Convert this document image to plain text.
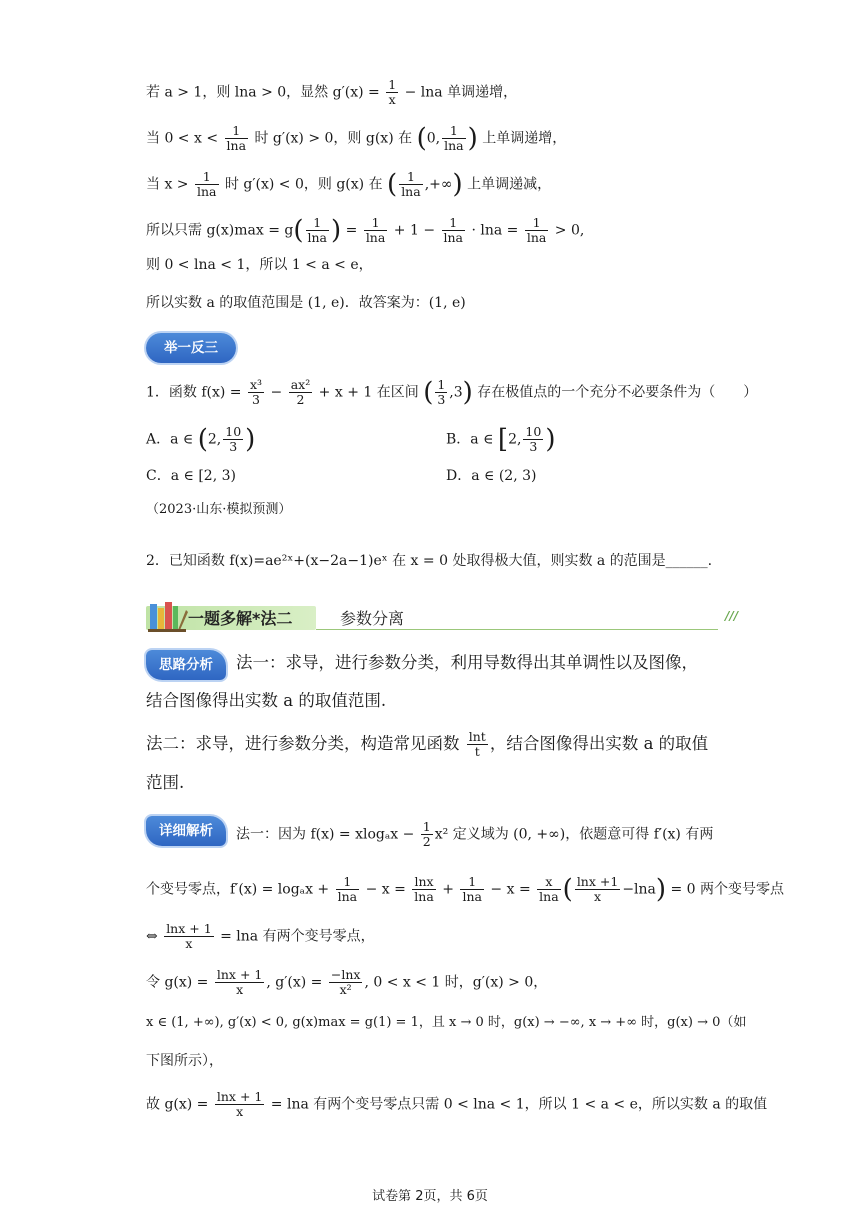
若 a > 1，则 lna > 0，显然 $g'(x) = \frac{1}{x} - \ln a$ 单调递增，
当 $0 < x < \frac{1}{\ln a}$ 时 g′(x) > 0，则 g(x) 在 (0, $\frac{1}{\ln a}$ ) 上单调递增，
当 $x > \frac{1}{\ln a}$ 时 g′(x) < 0，则 g(x) 在 ( $\frac{1}{\ln a}$ ,+∞) 上单调递减，
所以只需 $g(x)\max = g( \frac{1}{\ln a}$ ) = $\frac{1}{\ln a} + 1 - \frac{1}{\ln a} \cdot \ln a = \frac{1}{\ln a} > 0$,
则 0 < lna < 1，所以 1 < a < e，
所以实数 a 的取值范围是 (1, e)．故答案为：(1, e)
举一反三
1．函数 $f(x) = \frac{\text{x³}}{3} - \frac{\text{ax²}}{2} + x + 1$ 在区间 ( $\frac{1}{3} ,3$) 存在极值点的一个充分不必要条件为（　　）
A．a ∈ (2, $\frac{10}{3}$ )	B．a ∈ [2, $\frac{10}{3}$ )
C．a ∈ [2, 3)	D．a ∈ (2, 3)
（2023·山东·模拟预测）
2．已知函数 f(x)=ae²ˣ+(x−2a−1)eˣ 在 x = 0 处取得极大值，则实数 a 的范围是______.
一题多解*法二	参数分离	///
思路分析	法一：求导，进行参数分类，利用导数得出其单调性以及图像，
结合图像得出实数 a 的取值范围.
法二：求导，进行参数分类，构造常见函数 $\frac{\ln t}{t}$ ，结合图像得出实数 a 的取值
范围.
详细解析	法一：因为 $f(x) = xlog_ax - \frac{1}{2} x^2$ 定义域为 (0, +∞)，依题意可得 f′(x) 有两
个变号零点，$f'(x) = \log_ax + \frac{1}{\ln a} - x = \frac{\ln x}{\ln a} + \frac{1}{\ln a} - x = \frac{x}{\ln a}$ ( $\frac{\ln x +1}{x} -\ln a) = 0$ 两个变号零点
⇔ $\frac{\ln x + 1}{x} = \ln a$ 有两个变号零点，
令 $g(x) = \frac{\ln x + 1}{x}$ , $g'(x) = \frac{-\ln x}{\text{x²}}$ , 0 < x < 1 时，g′(x) > 0，
x ∈ (1, +∞), g′(x) < 0, g(x)max = g(1) = 1，且 x → 0 时，g(x) → −∞, x → +∞ 时，g(x) → 0（如
下图所示），
故 $g(x) = \frac{\ln x + 1}{x} = \ln a$ 有两个变号零点只需 0 < lna < 1，所以 1 < a < e，所以实数 a 的取值
试卷第 2页，共 6页
